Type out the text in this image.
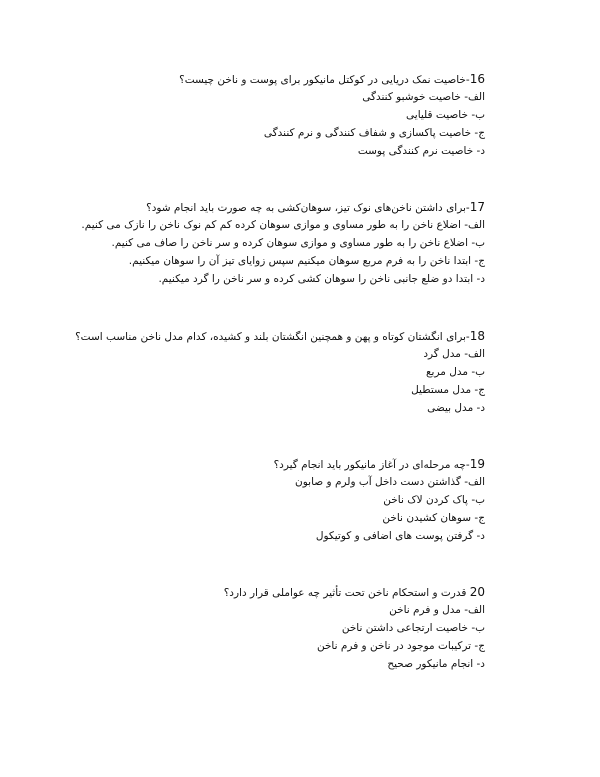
16-خاصیت نمک دریایی در کوکتل مانیکور برای پوست و ناخن چیست؟
الف- خاصیت خوشبو کنندگی
ب- خاصیت قلیایی
ج- خاصیت پاکسازی و شفاف کنندگی و نرم کنندگی
د- خاصیت نرم کنندگی پوست
17-برای داشتن ناخن‌های نوک تیز، سوهان‌کشی به چه صورت باید انجام شود؟
الف- اضلاع ناخن را به طور مساوی و موازی سوهان کرده کم کم نوک ناخن را نازک می کنیم.
ب- اضلاع ناخن را به طور مساوی و موازی سوهان کرده و سر ناخن را صاف می کنیم.
ج- ابتدا ناخن را به فرم مربع سوهان میکنیم سپس زوایای تیز آن را سوهان میکنیم.
د- ابتدا دو ضلع جانبی ناخن را سوهان کشی کرده و سر ناخن را گرد میکنیم.
18-برای انگشتان کوتاه و پهن و همچنین انگشتان بلند و کشیده، کدام مدل ناخن مناسب است؟
الف- مدل گرد
ب- مدل مربع
ج- مدل مستطیل
د- مدل بیضی
19-چه مرحله‌ای در آغاز مانیکور باید انجام گیرد؟
الف- گذاشتن دست داخل آب ولرم و صابون
ب- پاک کردن لاک ناخن
ج- سوهان کشیدن ناخن
د- گرفتن پوست های اضافی و کوتیکول
20 قدرت و استحکام ناخن تحت تأثیر چه عواملی قرار دارد؟
الف- مدل و فرم ناخن
ب- خاصیت ارتجاعی داشتن ناخن
ج- ترکیبات موجود در ناخن و فرم ناخن
د- انجام مانیکور صحیح
